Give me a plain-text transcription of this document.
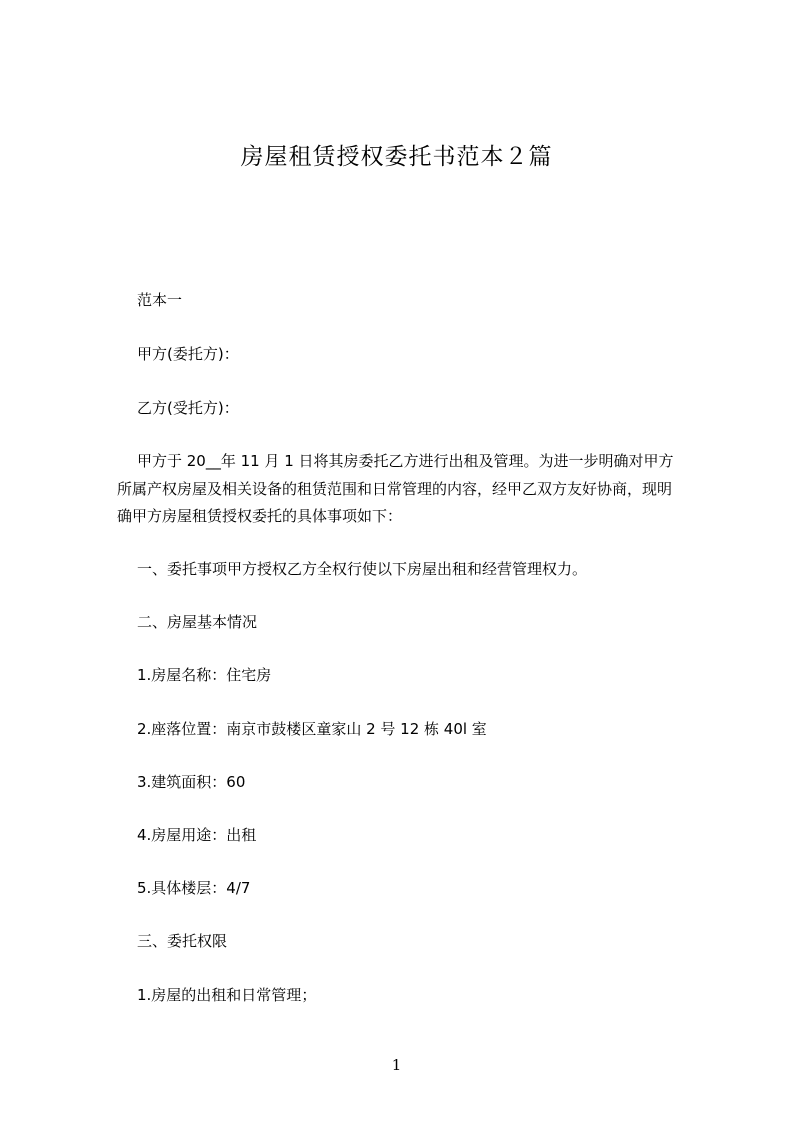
房屋租赁授权委托书范本２篇
范本一
甲方(委托方)：
乙方(受托方)：
甲方于 20__年 11 月 1 日将其房委托乙方进行出租及管理。为进一步明确对甲方
所属产权房屋及相关设备的租赁范围和日常管理的内容，经甲乙双方友好协商，现明
确甲方房屋租赁授权委托的具体事项如下：
一、委托事项甲方授权乙方全权行使以下房屋出租和经营管理权力。
二、房屋基本情况
1.房屋名称：住宅房
2.座落位置：南京市鼓楼区童家山 2 号 12 栋 40l 室
3.建筑面积：60
4.房屋用途：出租
5.具体楼层：4/7
三、委托权限
1.房屋的出租和日常管理；
1
